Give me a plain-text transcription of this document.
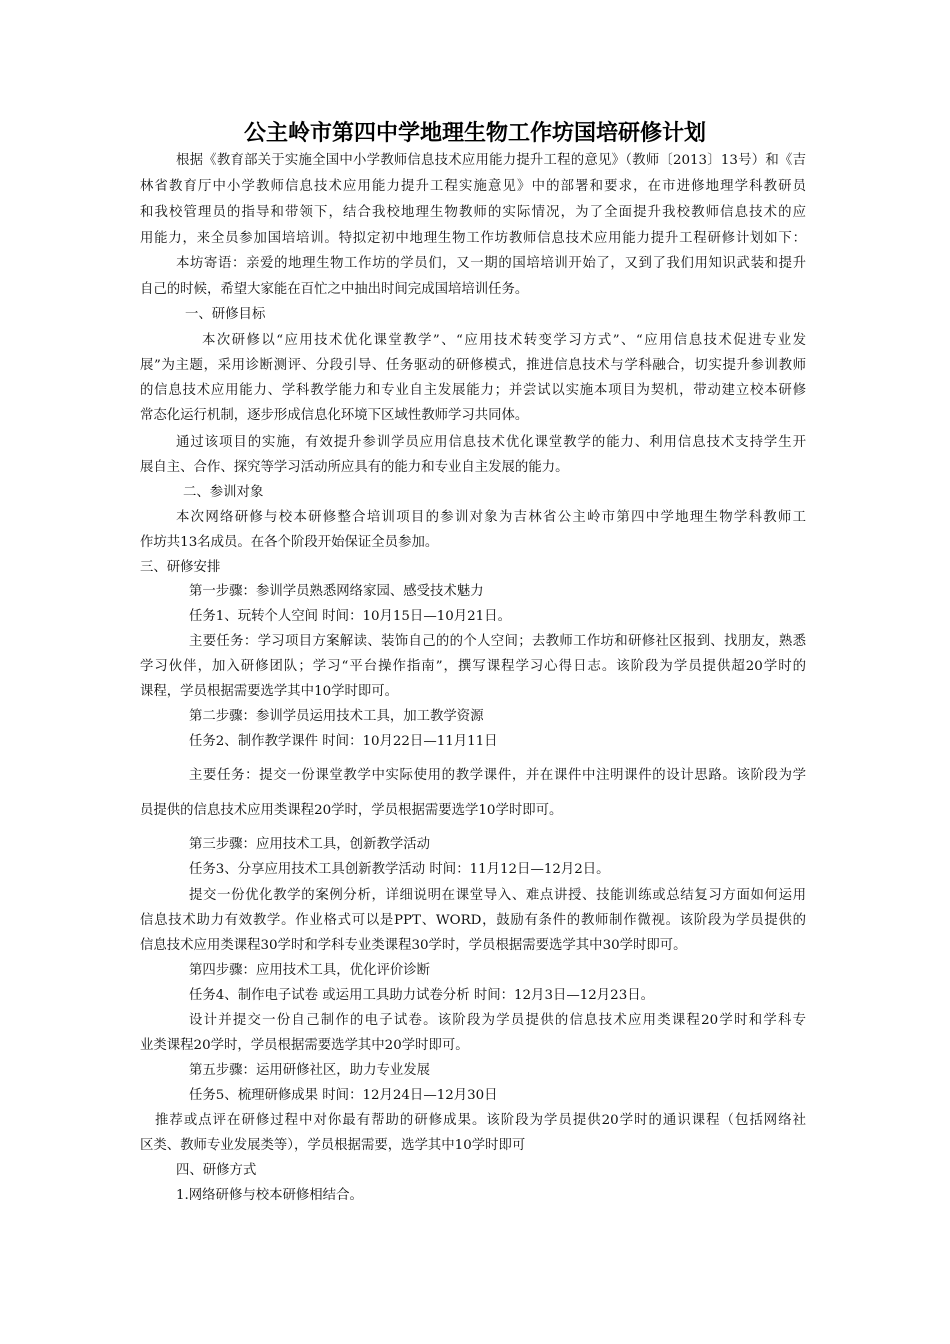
公主岭市第四中学地理生物工作坊国培研修计划
根据《教育部关于实施全国中小学教师信息技术应用能力提升工程的意见》（教师〔2013〕13号）和《吉
林省教育厅中小学教师信息技术应用能力提升工程实施意见》中的部署和要求，在市进修地理学科教研员
和我校管理员的指导和带领下，结合我校地理生物教师的实际情况，为了全面提升我校教师信息技术的应
用能力，来全员参加国培培训。特拟定初中地理生物工作坊教师信息技术应用能力提升工程研修计划如下：
本坊寄语：亲爱的地理生物工作坊的学员们，又一期的国培培训开始了，又到了我们用知识武装和提升
自己的时候，希望大家能在百忙之中抽出时间完成国培培训任务。
一、研修目标
本次研修以“应用技术优化课堂教学”、“应用技术转变学习方式”、“应用信息技术促进专业发
展”为主题，采用诊断测评、分段引导、任务驱动的研修模式，推进信息技术与学科融合，切实提升参训教师
的信息技术应用能力、学科教学能力和专业自主发展能力；并尝试以实施本项目为契机，带动建立校本研修
常态化运行机制，逐步形成信息化环境下区域性教师学习共同体。
通过该项目的实施，有效提升参训学员应用信息技术优化课堂教学的能力、利用信息技术支持学生开
展自主、合作、探究等学习活动所应具有的能力和专业自主发展的能力。
二、参训对象
本次网络研修与校本研修整合培训项目的参训对象为吉林省公主岭市第四中学地理生物学科教师工
作坊共13名成员。在各个阶段开始保证全员参加。
三、研修安排
第一步骤：参训学员熟悉网络家园、感受技术魅力
任务1、玩转个人空间 时间：10月15日—10月21日。
主要任务：学习项目方案解读、装饰自己的的个人空间；去教师工作坊和研修社区报到、找朋友，熟悉
学习伙伴，加入研修团队；学习“平台操作指南”，撰写课程学习心得日志。该阶段为学员提供超20学时的
课程，学员根据需要选学其中10学时即可。
第二步骤：参训学员运用技术工具，加工教学资源
任务2、制作教学课件 时间：10月22日—11月11日
主要任务：提交一份课堂教学中实际使用的教学课件，并在课件中注明课件的设计思路。该阶段为学
员提供的信息技术应用类课程20学时，学员根据需要选学10学时即可。
第三步骤：应用技术工具，创新教学活动
任务3、分享应用技术工具创新教学活动 时间：11月12日—12月2日。
提交一份优化教学的案例分析，详细说明在课堂导入、难点讲授、技能训练或总结复习方面如何运用
信息技术助力有效教学。作业格式可以是PPT、WORD，鼓励有条件的教师制作微视。该阶段为学员提供的
信息技术应用类课程30学时和学科专业类课程30学时，学员根据需要选学其中30学时即可。
第四步骤：应用技术工具，优化评价诊断
任务4、制作电子试卷 或运用工具助力试卷分析 时间：12月3日—12月23日。
设计并提交一份自己制作的电子试卷。该阶段为学员提供的信息技术应用类课程20学时和学科专
业类课程20学时，学员根据需要选学其中20学时即可。
第五步骤：运用研修社区，助力专业发展
任务5、梳理研修成果 时间：12月24日—12月30日
推荐或点评在研修过程中对你最有帮助的研修成果。该阶段为学员提供20学时的通识课程（包括网络社
区类、教师专业发展类等），学员根据需要，选学其中10学时即可
四、研修方式
1.网络研修与校本研修相结合。
